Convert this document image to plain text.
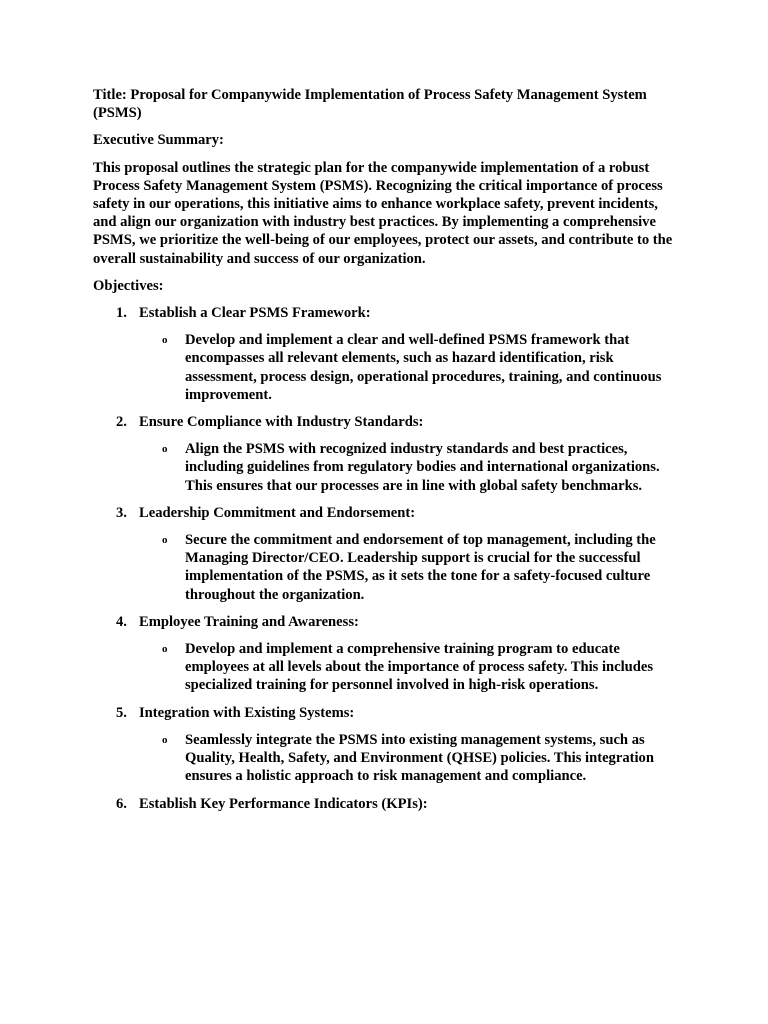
Title: Proposal for Companywide Implementation of Process Safety Management System (PSMS)

Executive Summary:

This proposal outlines the strategic plan for the companywide implementation of a robust Process Safety Management System (PSMS). Recognizing the critical importance of process safety in our operations, this initiative aims to enhance workplace safety, prevent incidents, and align our organization with industry best practices. By implementing a comprehensive PSMS, we prioritize the well-being of our employees, protect our assets, and contribute to the overall sustainability and success of our organization.

Objectives:

1. Establish a Clear PSMS Framework:
o Develop and implement a clear and well-defined PSMS framework that encompasses all relevant elements, such as hazard identification, risk assessment, process design, operational procedures, training, and continuous improvement.
2. Ensure Compliance with Industry Standards:
o Align the PSMS with recognized industry standards and best practices, including guidelines from regulatory bodies and international organizations. This ensures that our processes are in line with global safety benchmarks.
3. Leadership Commitment and Endorsement:
o Secure the commitment and endorsement of top management, including the Managing Director/CEO. Leadership support is crucial for the successful implementation of the PSMS, as it sets the tone for a safety-focused culture throughout the organization.
4. Employee Training and Awareness:
o Develop and implement a comprehensive training program to educate employees at all levels about the importance of process safety. This includes specialized training for personnel involved in high-risk operations.
5. Integration with Existing Systems:
o Seamlessly integrate the PSMS into existing management systems, such as Quality, Health, Safety, and Environment (QHSE) policies. This integration ensures a holistic approach to risk management and compliance.
6. Establish Key Performance Indicators (KPIs):
